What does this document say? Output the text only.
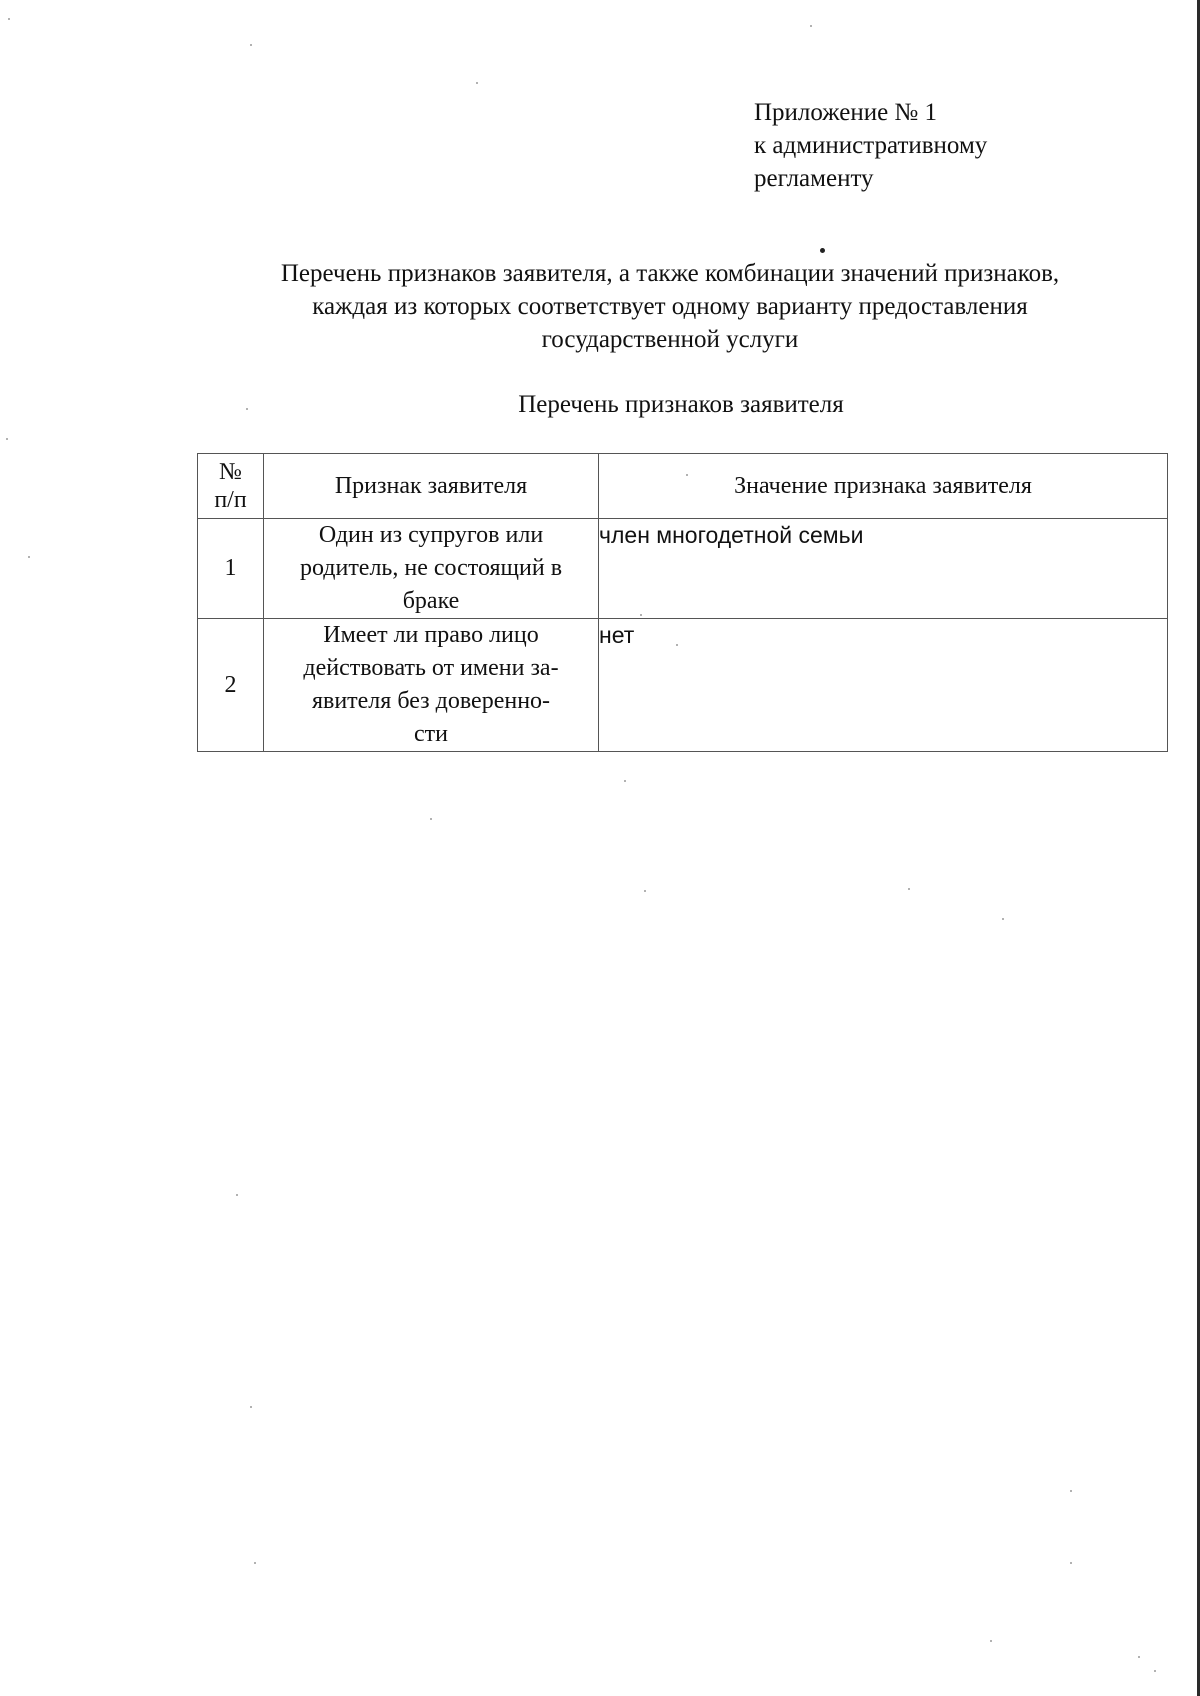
Приложение № 1
к административному
регламенту
Перечень признаков заявителя, а также комбинации значений признаков,
каждая из которых соответствует одному варианту предоставления
государственной услуги
Перечень признаков заявителя
№
п/п	Признак заявителя	Значение признака заявителя
1	Один из супругов или
родитель, не состоящий в
браке	член многодетной семьи
2	Имеет ли право лицо
действовать от имени за-
явителя без доверенно-
сти	нет
